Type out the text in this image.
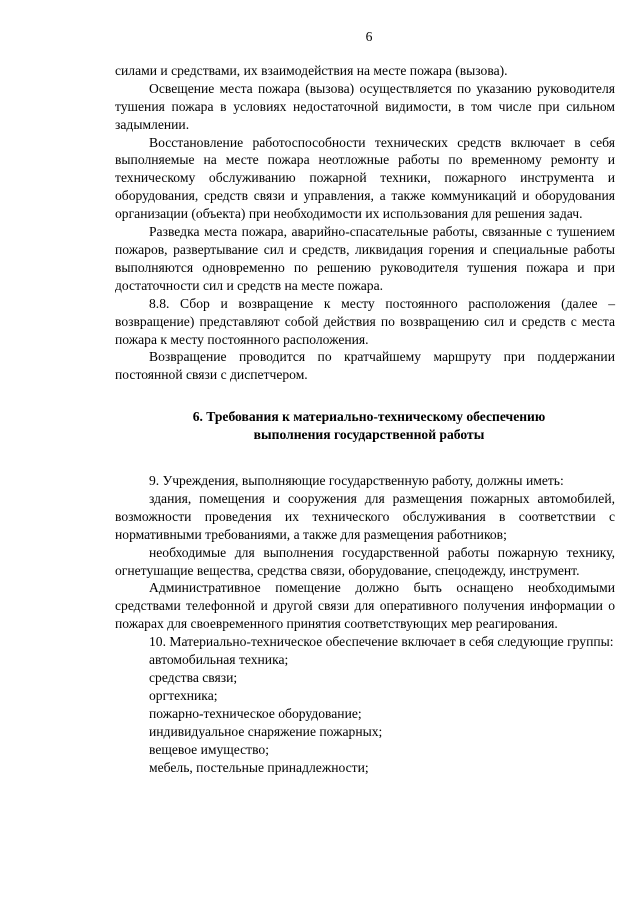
6

силами и средствами, их взаимодействия на месте пожара (вызова).

Освещение места пожара (вызова) осуществляется по указанию руководителя тушения пожара в условиях недостаточной видимости, в том числе при сильном задымлении.

Восстановление работоспособности технических средств включает в себя выполняемые на месте пожара неотложные работы по временному ремонту и техническому обслуживанию пожарной техники, пожарного инструмента и оборудования, средств связи и управления, а также коммуникаций и оборудования организации (объекта) при необходимости их использования для решения задач.

Разведка места пожара, аварийно-спасательные работы, связанные с тушением пожаров, развертывание сил и средств, ликвидация горения и специальные работы выполняются одновременно по решению руководителя тушения пожара и при достаточности сил и средств на месте пожара.

8.8. Сбор и возвращение к месту постоянного расположения (далее – возвращение) представляют собой действия по возвращению сил и средств с места пожара к месту постоянного расположения.

Возвращение проводится по кратчайшему маршруту при поддержании постоянной связи с диспетчером.

6. Требования к материально-техническому обеспечению
выполнения государственной работы

9. Учреждения, выполняющие государственную работу, должны иметь:

здания, помещения и сооружения для размещения пожарных автомобилей, возможности проведения их технического обслуживания в соответствии с нормативными требованиями, а также для размещения работников;

необходимые для выполнения государственной работы пожарную технику, огнетушащие вещества, средства связи, оборудование, спецодежду, инструмент.

Административное помещение должно быть оснащено необходимыми средствами телефонной и другой связи для оперативного получения информации о пожарах для своевременного принятия соответствующих мер реагирования.

10. Материально-техническое обеспечение включает в себя следующие группы:

автомобильная техника;
средства связи;
оргтехника;
пожарно-техническое оборудование;
индивидуальное снаряжение пожарных;
вещевое имущество;
мебель, постельные принадлежности;
